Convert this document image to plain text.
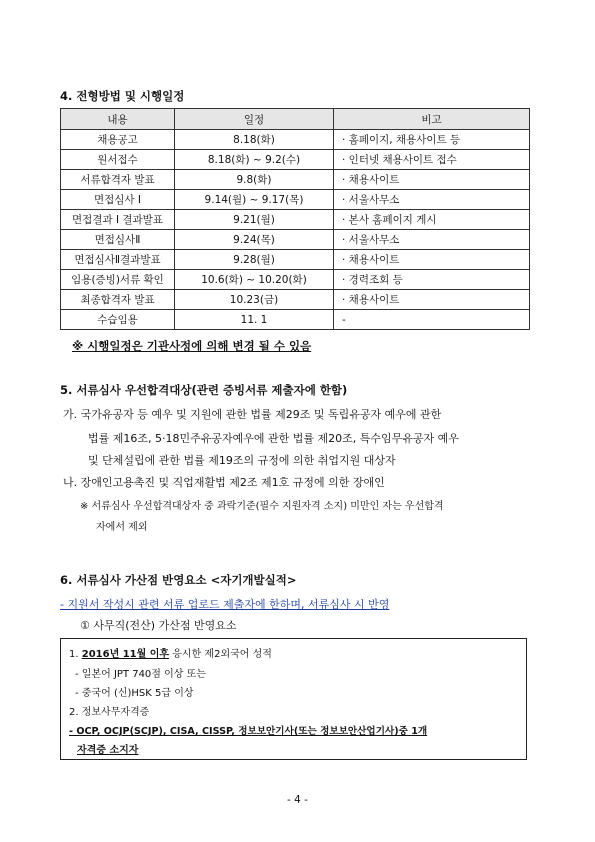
4. 전형방법 및 시행일정
내용	일정	비고
채용공고	8.18(화)	· 홈페이지, 채용사이트 등
원서접수	8.18(화) ~ 9.2(수)	· 인터넷 채용사이트 접수
서류합격자 발표	9.8(화)	· 채용사이트
면접심사 I	9.14(월) ~ 9.17(목)	· 서울사무소
면접결과 I 결과발표	9.21(월)	· 본사 홈페이지 게시
면접심사Ⅱ	9.24(목)	· 서울사무소
면접심사Ⅱ결과발표	9.28(월)	· 채용사이트
임용(증빙)서류 확인	10.6(화) ~ 10.20(화)	· 경력조회 등
최종합격자 발표	10.23(금)	· 채용사이트
수습임용	11. 1	-
※ 시행일정은 기관사정에 의해 변경 될 수 있음
5. 서류심사 우선합격대상(관련 증빙서류 제출자에 한함)
가. 국가유공자 등 예우 및 지원에 관한 법률 제29조 및 독립유공자 예우에 관한
법률 제16조, 5·18민주유공자예우에 관한 법률 제20조, 특수임무유공자 예우
및 단체설립에 관한 법률 제19조의 규정에 의한 취업지원 대상자
나. 장애인고용촉진 및 직업재활법 제2조 제1호 규정에 의한 장애인
※ 서류심사 우선합격대상자 중 과락기준(필수 지원자격 소지) 미만인 자는 우선합격
자에서 제외
6. 서류심사 가산점 반영요소 <자기개발실적>
- 지원서 작성시 관련 서류 업로드 제출자에 한하며, 서류심사 시 반영
① 사무직(전산) 가산점 반영요소
1. 2016년 11월 이후 응시한 제2외국어 성적
- 일본어 JPT 740점 이상 또는
- 중국어 (신)HSK 5급 이상
2. 정보사무자격증
- OCP, OCJP(SCJP), CISA, CISSP, 정보보안기사(또는 정보보안산업기사)중 1개
자격증 소지자
- 4 -
